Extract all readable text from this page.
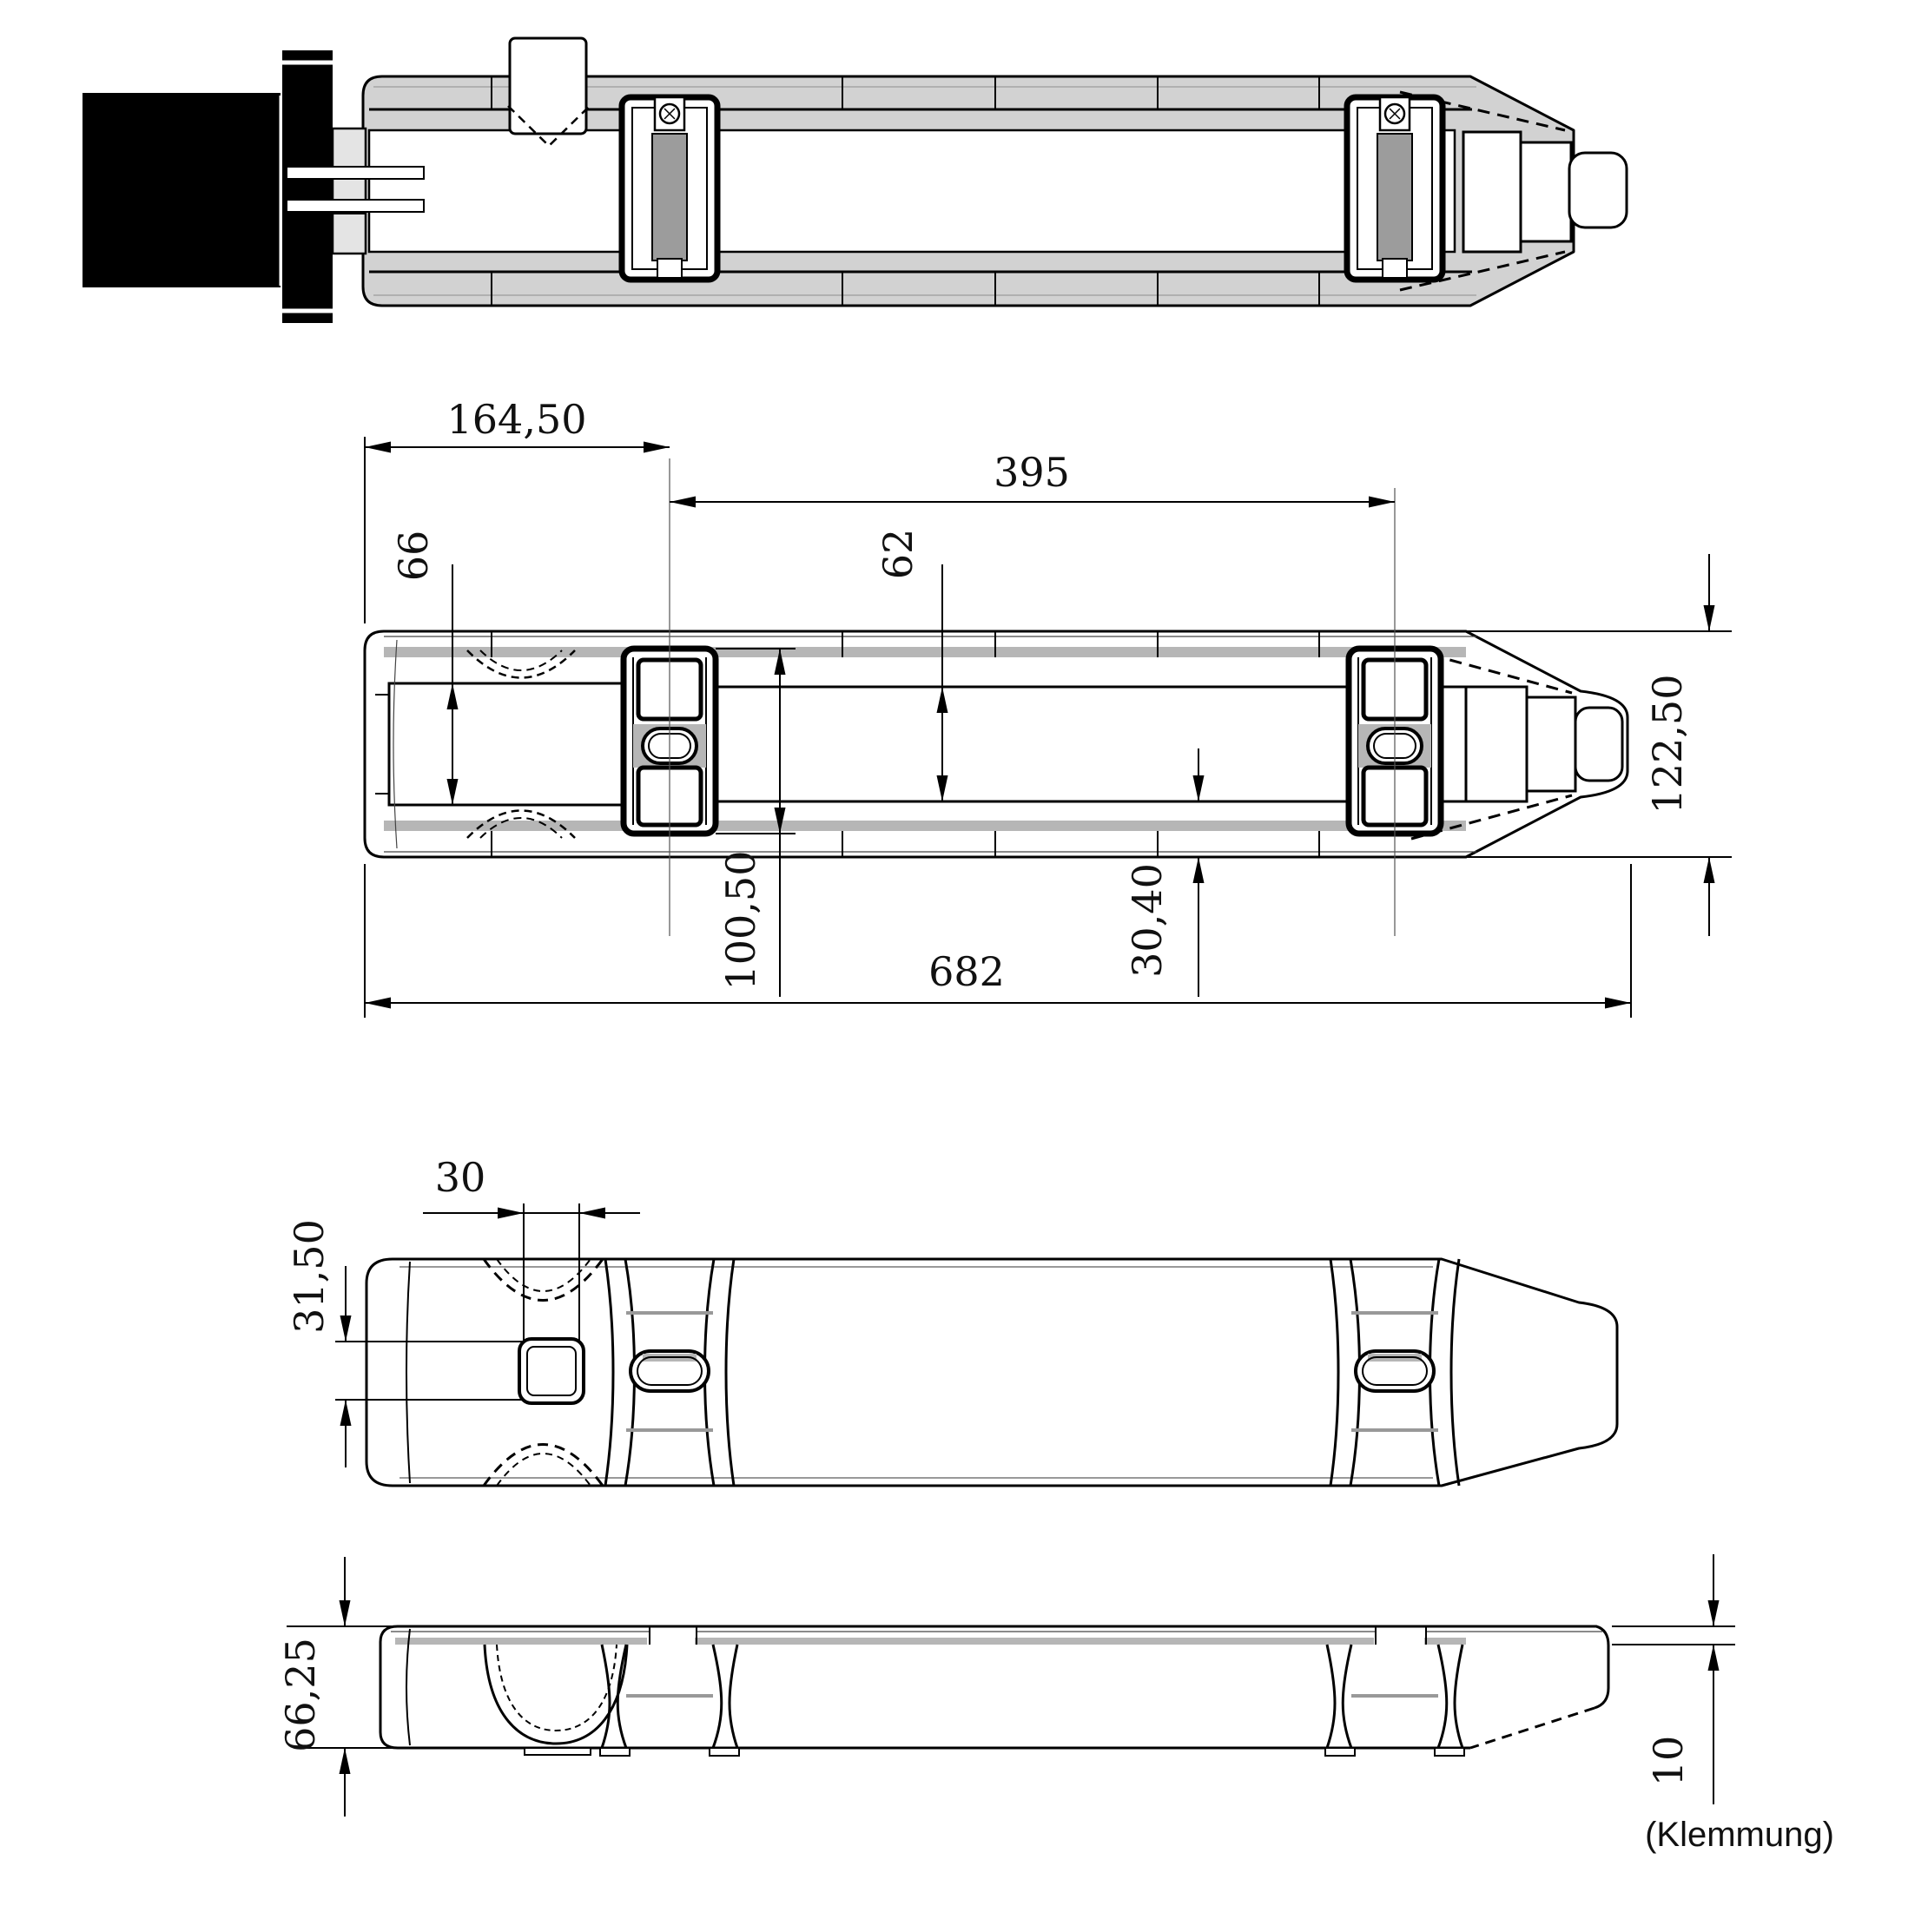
164,50
395
66	62
122,50
100,50	30,40
682
30
31,50
66,25
10
(Klemmung)
